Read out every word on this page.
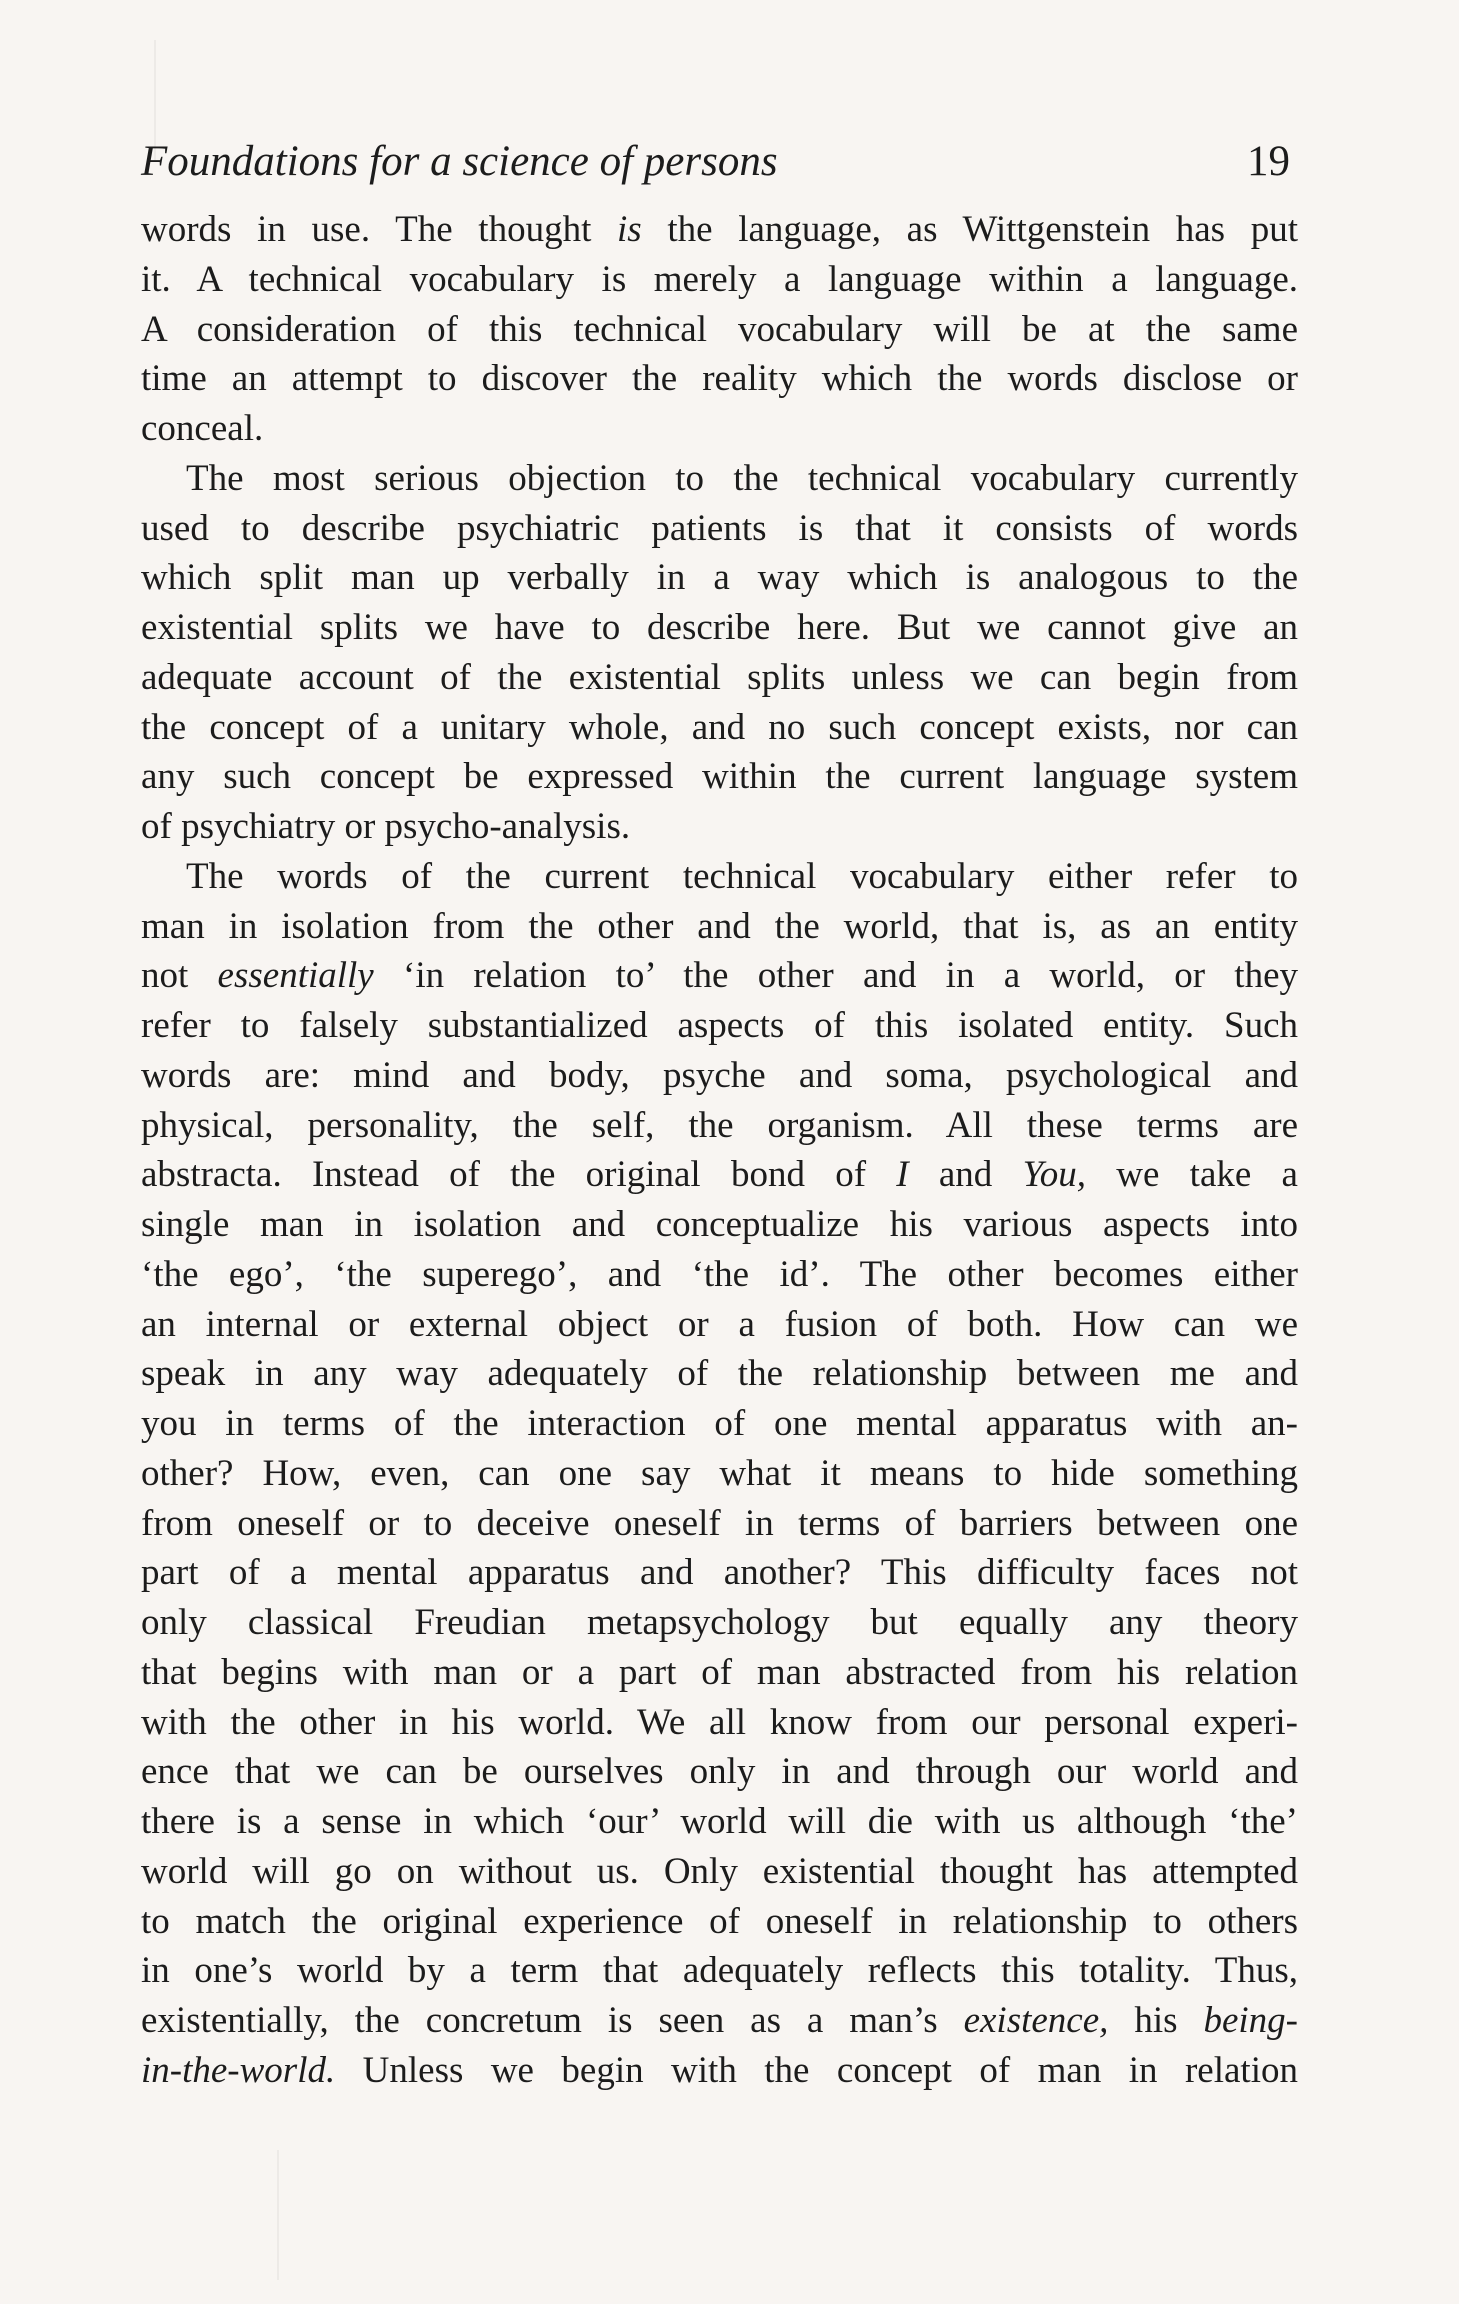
Foundations for a science of persons	19
words in use. The thought is the language, as Wittgenstein has put
it. A technical vocabulary is merely a language within a language.
A consideration of this technical vocabulary will be at the same
time an attempt to discover the reality which the words disclose or
conceal.
The most serious objection to the technical vocabulary currently
used to describe psychiatric patients is that it consists of words
which split man up verbally in a way which is analogous to the
existential splits we have to describe here. But we cannot give an
adequate account of the existential splits unless we can begin from
the concept of a unitary whole, and no such concept exists, nor can
any such concept be expressed within the current language system
of psychiatry or psycho-analysis.
The words of the current technical vocabulary either refer to
man in isolation from the other and the world, that is, as an entity
not essentially ‘in relation to’ the other and in a world, or they
refer to falsely substantialized aspects of this isolated entity. Such
words are: mind and body, psyche and soma, psychological and
physical, personality, the self, the organism. All these terms are
abstracta. Instead of the original bond of I and You, we take a
single man in isolation and conceptualize his various aspects into
‘the ego’, ‘the superego’, and ‘the id’. The other becomes either
an internal or external object or a fusion of both. How can we
speak in any way adequately of the relationship between me and
you in terms of the interaction of one mental apparatus with an-
other? How, even, can one say what it means to hide something
from oneself or to deceive oneself in terms of barriers between one
part of a mental apparatus and another? This difficulty faces not
only classical Freudian metapsychology but equally any theory
that begins with man or a part of man abstracted from his relation
with the other in his world. We all know from our personal experi-
ence that we can be ourselves only in and through our world and
there is a sense in which ‘our’ world will die with us although ‘the’
world will go on without us. Only existential thought has attempted
to match the original experience of oneself in relationship to others
in one’s world by a term that adequately reflects this totality. Thus,
existentially, the concretum is seen as a man’s existence, his being-
in-the-world. Unless we begin with the concept of man in relation
